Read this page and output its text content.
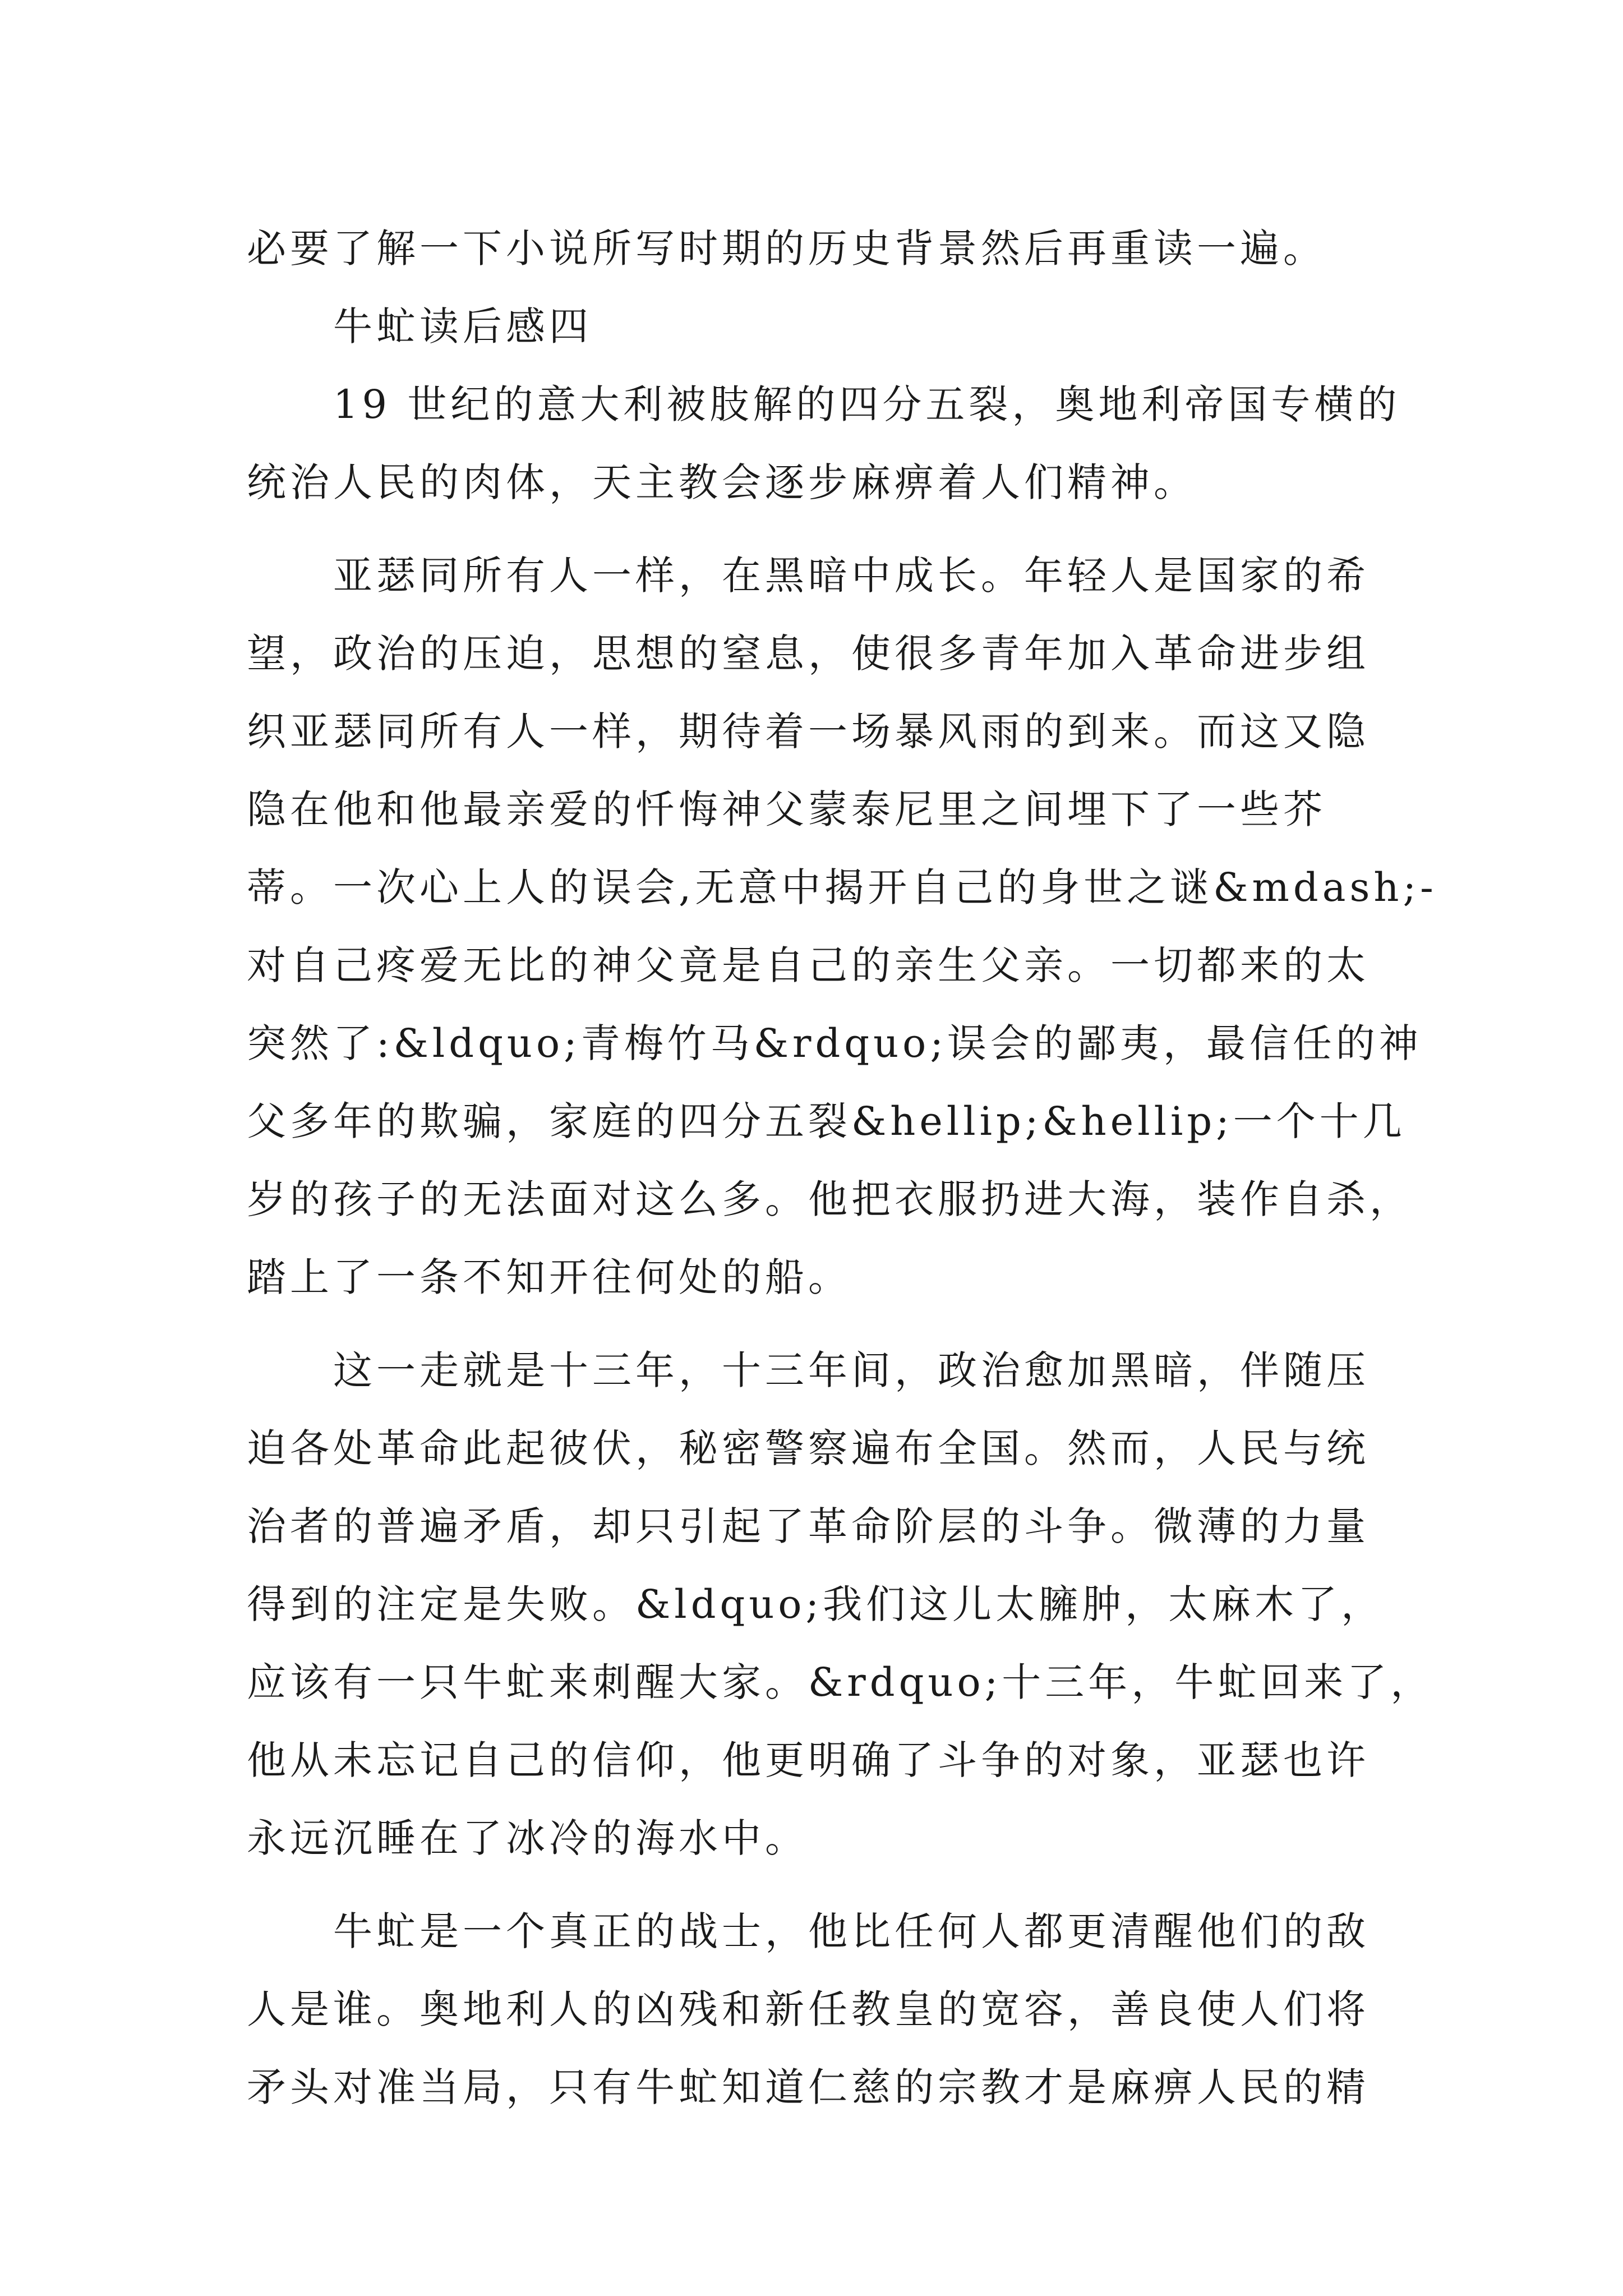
必要了解一下小说所写时期的历史背景然后再重读一遍。
牛虻读后感四
19 世纪的意大利被肢解的四分五裂，奥地利帝国专横的
统治人民的肉体，天主教会逐步麻痹着人们精神。
亚瑟同所有人一样，在黑暗中成长。年轻人是国家的希
望，政治的压迫，思想的窒息，使很多青年加入革命进步组
织亚瑟同所有人一样，期待着一场暴风雨的到来。而这又隐
隐在他和他最亲爱的忏悔神父蒙泰尼里之间埋下了一些芥
蒂。一次心上人的误会,无意中揭开自己的身世之谜&mdash;-
对自己疼爱无比的神父竟是自己的亲生父亲。一切都来的太
突然了:&ldquo;青梅竹马&rdquo;误会的鄙夷，最信任的神
父多年的欺骗，家庭的四分五裂&hellip;&hellip;一个十几
岁的孩子的无法面对这么多。他把衣服扔进大海，装作自杀，
踏上了一条不知开往何处的船。
这一走就是十三年，十三年间，政治愈加黑暗，伴随压
迫各处革命此起彼伏，秘密警察遍布全国。然而，人民与统
治者的普遍矛盾，却只引起了革命阶层的斗争。微薄的力量
得到的注定是失败。&ldquo;我们这儿太臃肿，太麻木了，
应该有一只牛虻来刺醒大家。&rdquo;十三年，牛虻回来了，
他从未忘记自己的信仰，他更明确了斗争的对象，亚瑟也许
永远沉睡在了冰冷的海水中。
牛虻是一个真正的战士，他比任何人都更清醒他们的敌
人是谁。奥地利人的凶残和新任教皇的宽容，善良使人们将
矛头对准当局，只有牛虻知道仁慈的宗教才是麻痹人民的精
